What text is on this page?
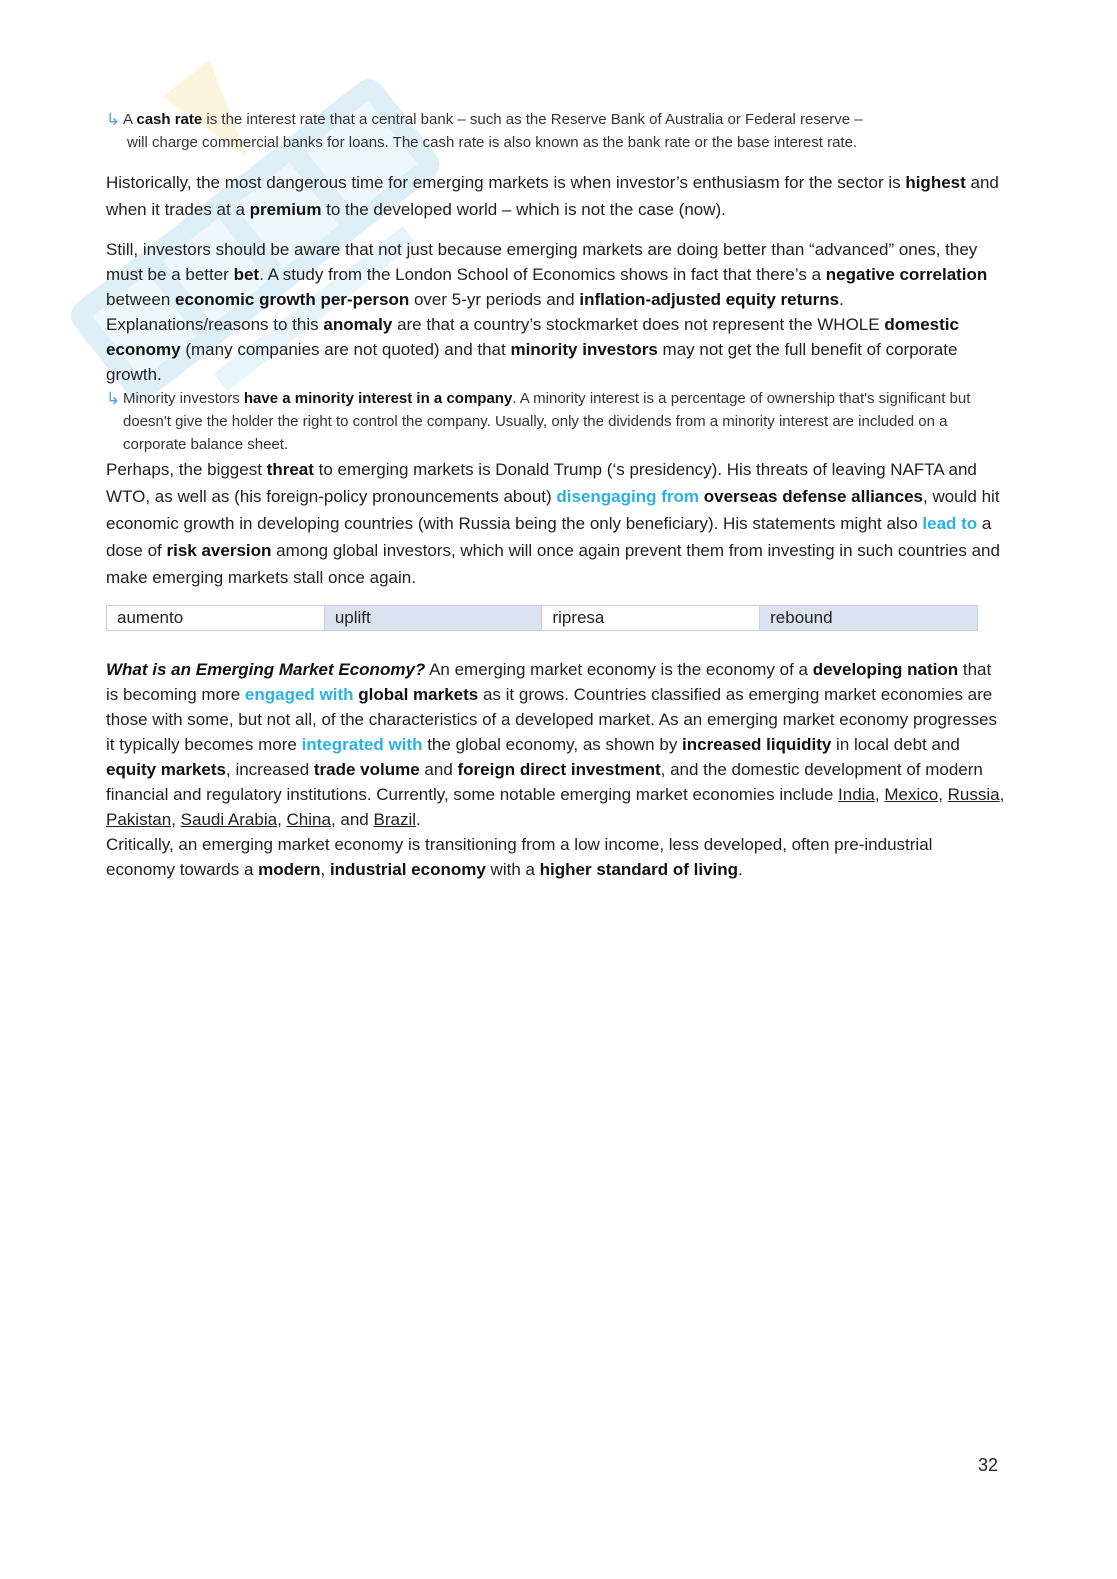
↳ A cash rate is the interest rate that a central bank – such as the Reserve Bank of Australia or Federal reserve –
will charge commercial banks for loans. The cash rate is also known as the bank rate or the base interest rate.

Historically, the most dangerous time for emerging markets is when investor’s enthusiasm for the sector is highest and when it trades at a premium to the developed world – which is not the case (now).

Still, investors should be aware that not just because emerging markets are doing better than “advanced” ones, they must be a better bet. A study from the London School of Economics shows in fact that there’s a negative correlation between economic growth per-person over 5-yr periods and inflation-adjusted equity returns.

Explanations/reasons to this anomaly are that a country’s stockmarket does not represent the WHOLE domestic economy (many companies are not quoted) and that minority investors may not get the full benefit of corporate growth.

↳ Minority investors have a minority interest in a company. A minority interest is a percentage of ownership that's significant but doesn't give the holder the right to control the company. Usually, only the dividends from a minority interest are included on a corporate balance sheet.

Perhaps, the biggest threat to emerging markets is Donald Trump (‘s presidency). His threats of leaving NAFTA and WTO, as well as (his foreign-policy pronouncements about) disengaging from overseas defense alliances, would hit economic growth in developing countries (with Russia being the only beneficiary). His statements might also lead to a dose of risk aversion among global investors, which will once again prevent them from investing in such countries and make emerging markets stall once again.

aumento	uplift	ripresa	rebound

What is an Emerging Market Economy? An emerging market economy is the economy of a developing nation that is becoming more engaged with global markets as it grows. Countries classified as emerging market economies are those with some, but not all, of the characteristics of a developed market. As an emerging market economy progresses it typically becomes more integrated with the global economy, as shown by increased liquidity in local debt and equity markets, increased trade volume and foreign direct investment, and the domestic development of modern financial and regulatory institutions. Currently, some notable emerging market economies include India, Mexico, Russia, Pakistan, Saudi Arabia, China, and Brazil.

Critically, an emerging market economy is transitioning from a low income, less developed, often pre-industrial economy towards a modern, industrial economy with a higher standard of living.

32
